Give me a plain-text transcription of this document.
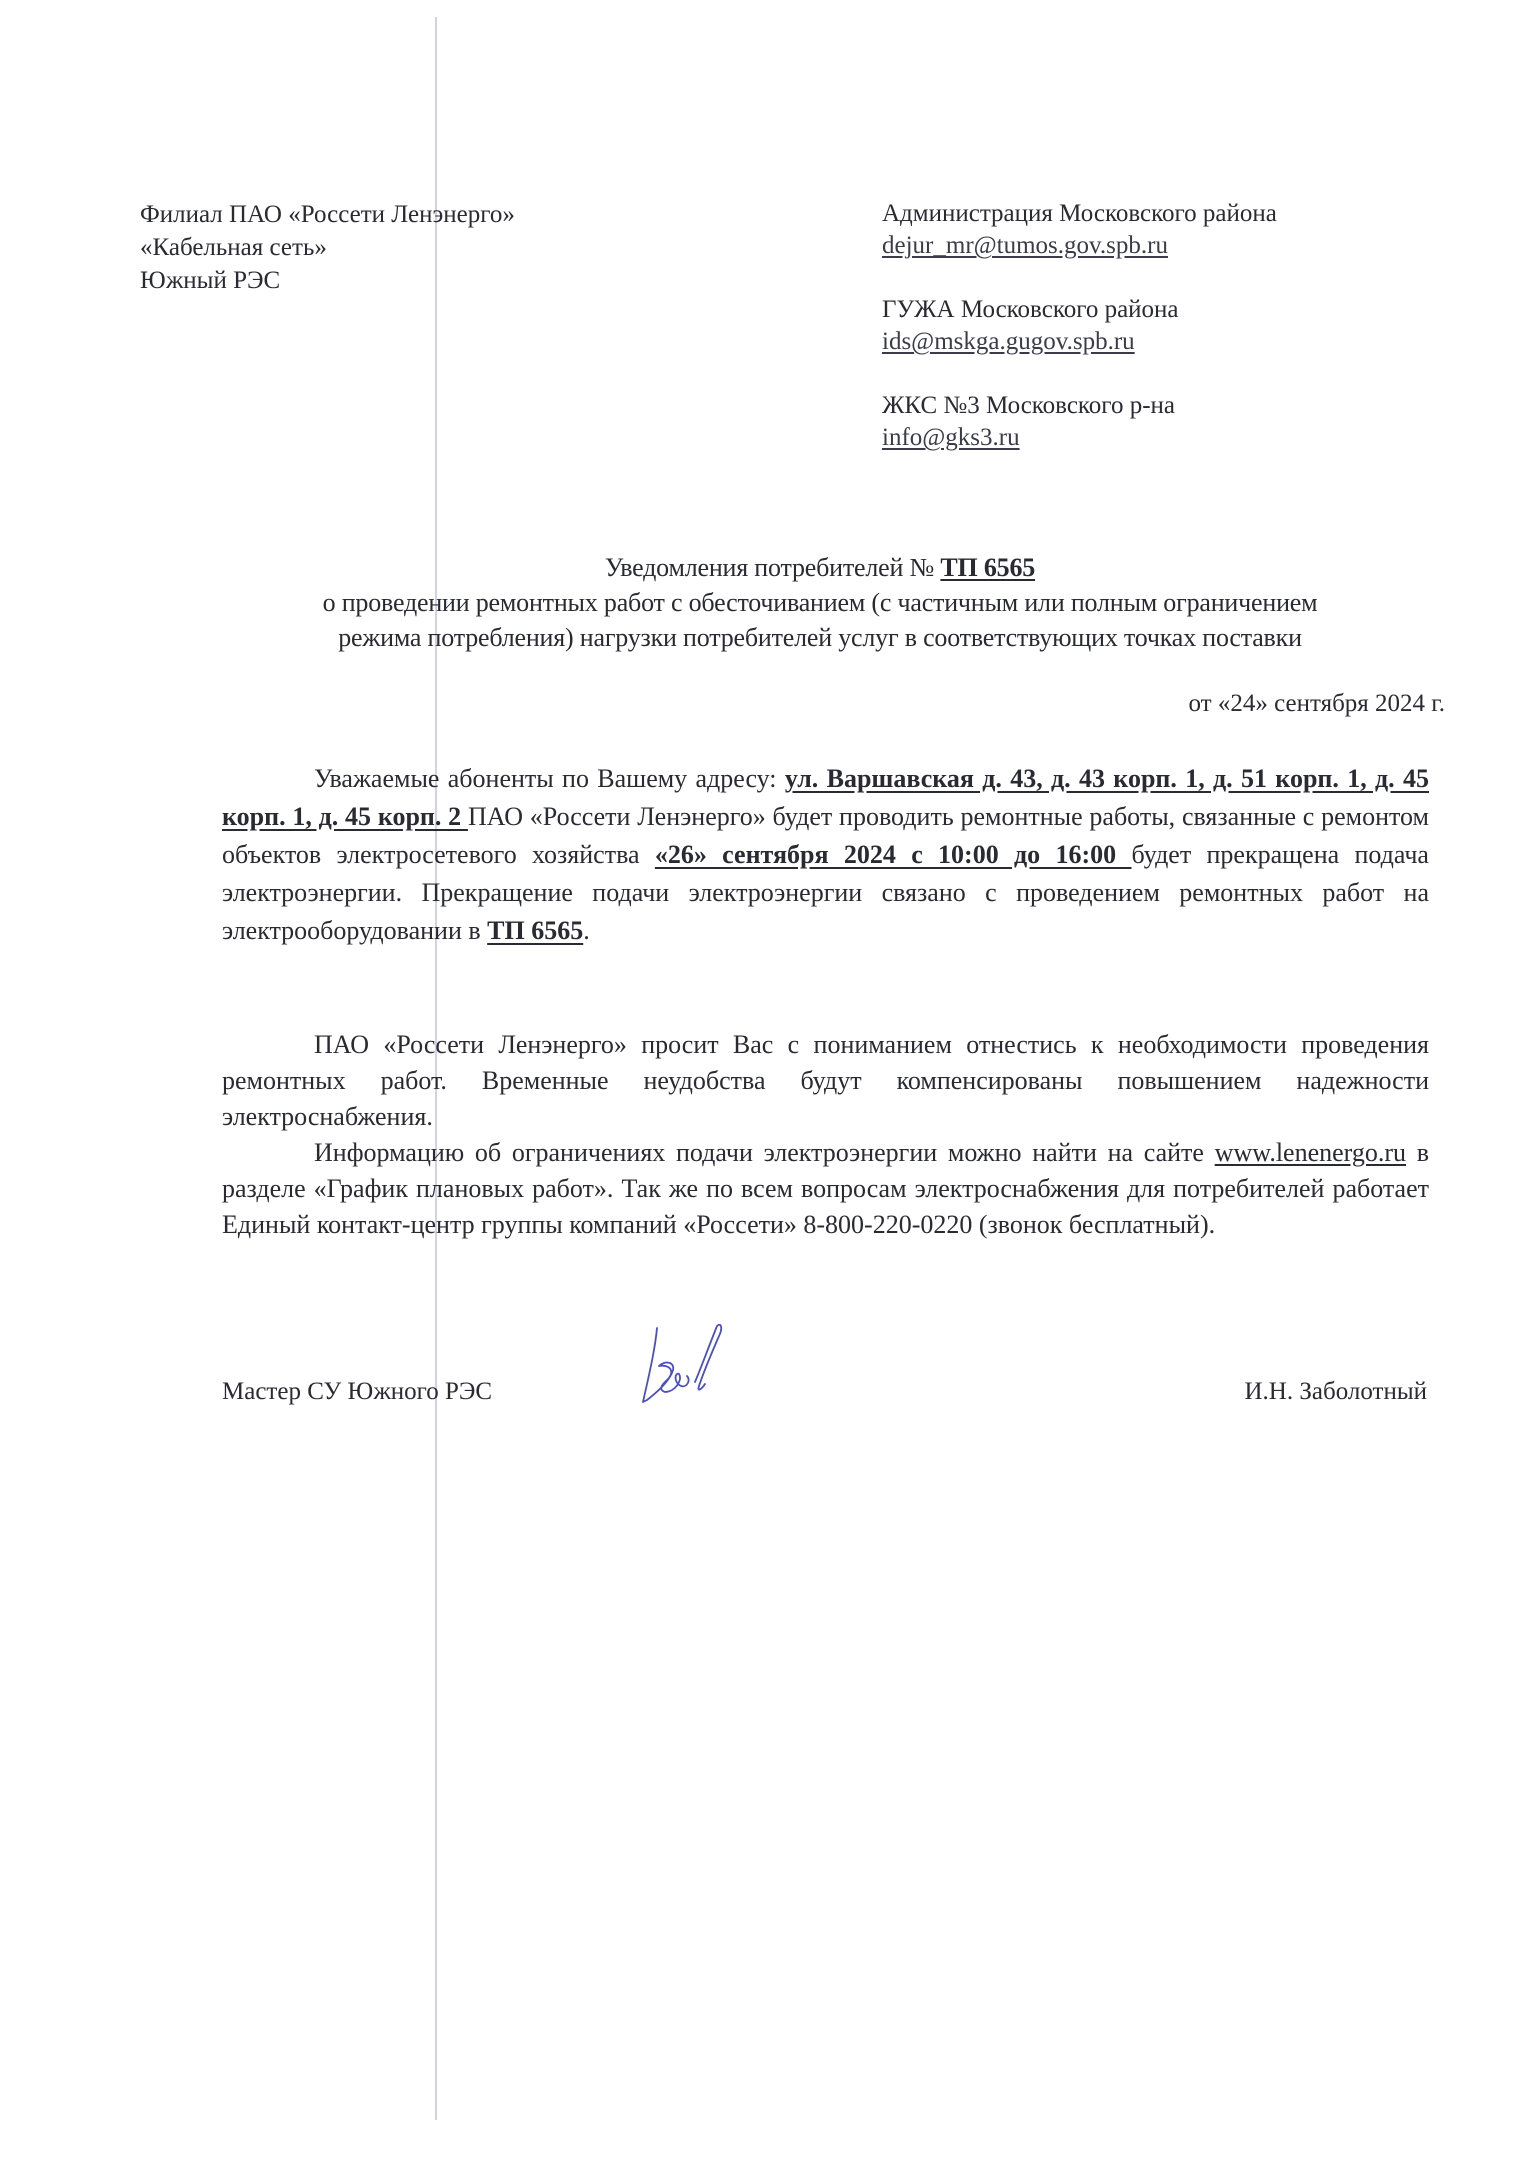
Филиал ПАО «Россети Ленэнерго»
«Кабельная сеть»
Южный РЭС
Администрация Московского района
dejur_mr@tumos.gov.spb.ru
ГУЖА Московского района
ids@mskga.gugov.spb.ru
ЖКС №3 Московского р-на
info@gks3.ru
Уведомления потребителей № ТП 6565
о проведении ремонтных работ с обесточиванием (с частичным или полным ограничением
режима потребления) нагрузки потребителей услуг в соответствующих точках поставки
от «24» сентября 2024 г.
Уважаемые абоненты по Вашему адресу: ул. Варшавская д. 43, д. 43 корп. 1, д. 51 корп. 1, д. 45 корп. 1, д. 45 корп. 2 ПАО «Россети Ленэнерго» будет проводить ремонтные работы, связанные с ремонтом объектов электросетевого хозяйства «26» сентября 2024 с 10:00 до 16:00 будет прекращена подача электроэнергии. Прекращение подачи электроэнергии связано с проведением ремонтных работ на электрооборудовании в ТП 6565.
ПАО «Россети Ленэнерго» просит Вас с пониманием отнестись к необходимости проведения ремонтных работ. Временные неудобства будут компенсированы повышением надежности электроснабжения.
Информацию об ограничениях подачи электроэнергии можно найти на сайте www.lenenergo.ru в разделе «График плановых работ». Так же по всем вопросам электроснабжения для потребителей работает Единый контакт-центр группы компаний «Россети» 8-800-220-0220 (звонок бесплатный).
Мастер СУ Южного РЭС	И.Н. Заболотный
